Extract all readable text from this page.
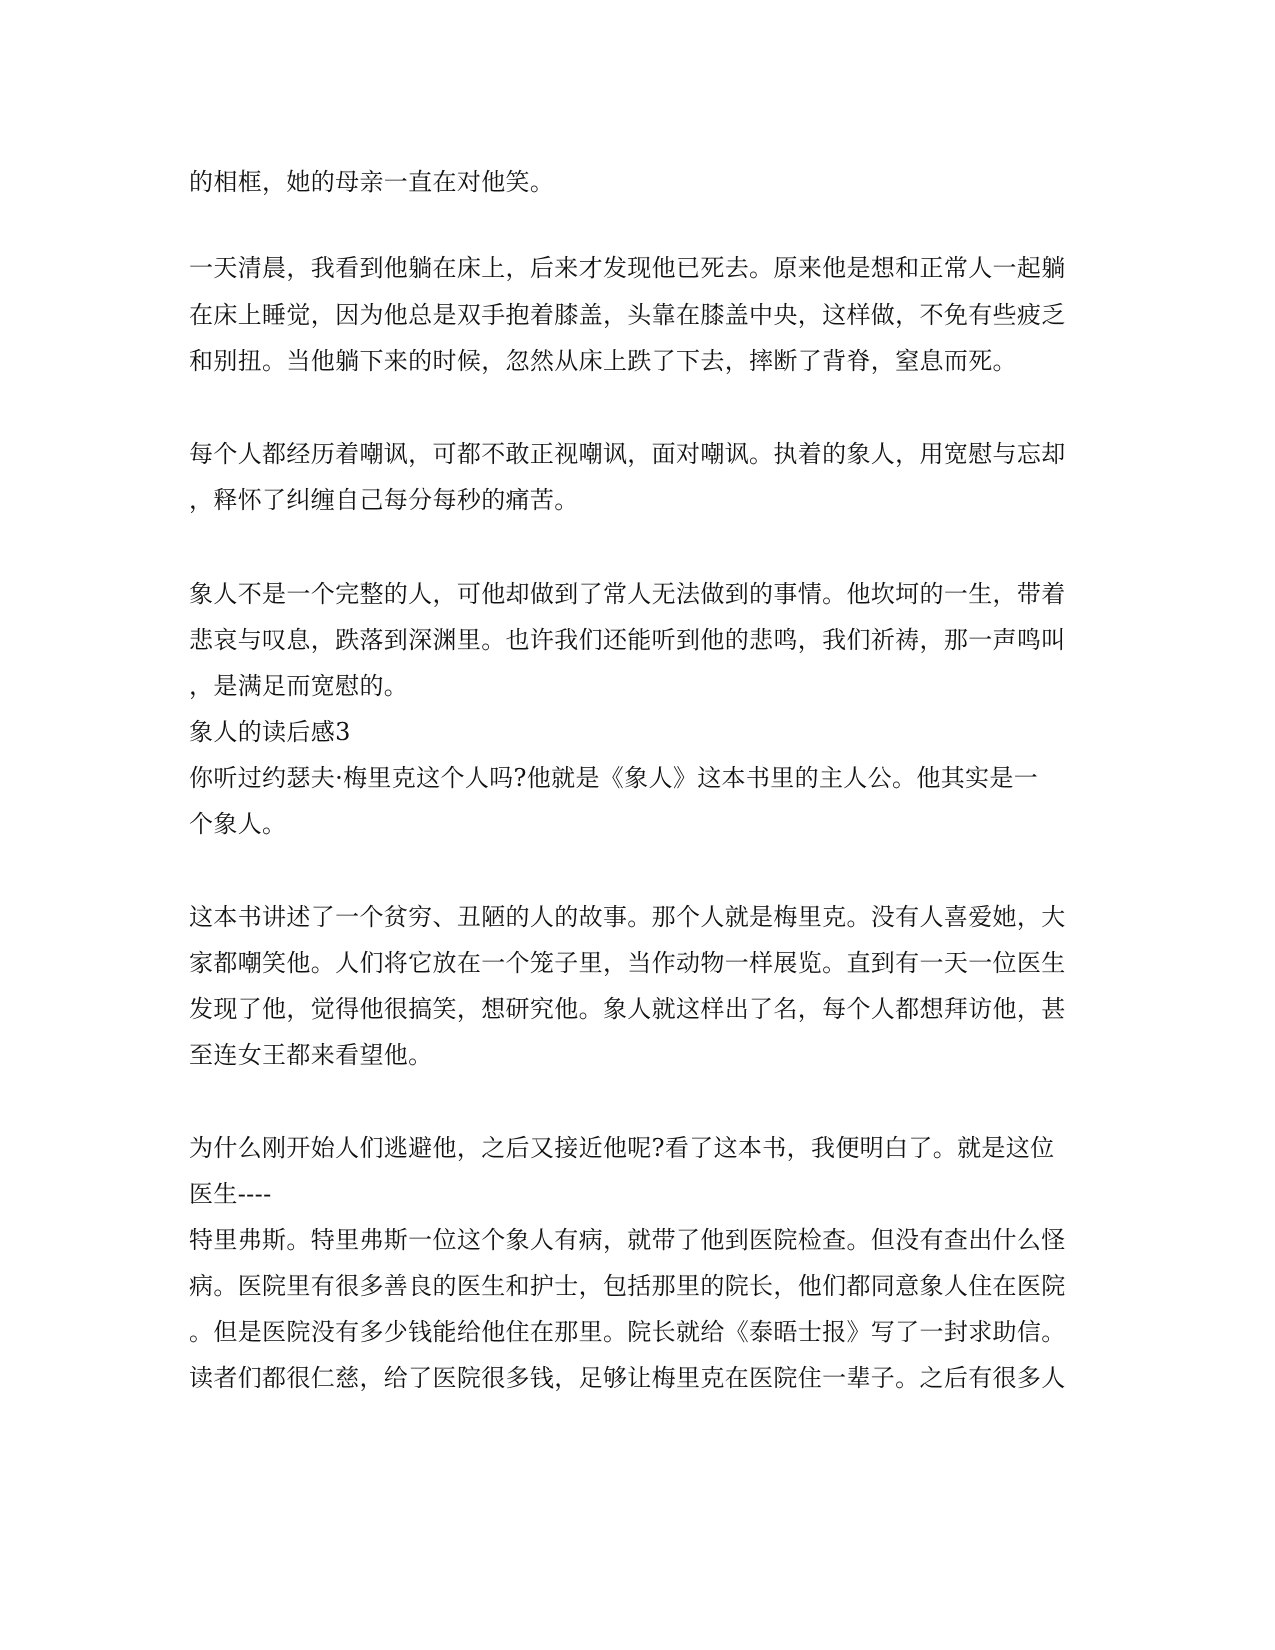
的相框，她的母亲一直在对他笑。
一天清晨，我看到他躺在床上，后来才发现他已死去。原来他是想和正常人一起躺
在床上睡觉，因为他总是双手抱着膝盖，头靠在膝盖中央，这样做，不免有些疲乏
和别扭。当他躺下来的时候，忽然从床上跌了下去，摔断了背脊，窒息而死。
每个人都经历着嘲讽，可都不敢正视嘲讽，面对嘲讽。执着的象人，用宽慰与忘却
，释怀了纠缠自己每分每秒的痛苦。
象人不是一个完整的人，可他却做到了常人无法做到的事情。他坎坷的一生，带着
悲哀与叹息，跌落到深渊里。也许我们还能听到他的悲鸣，我们祈祷，那一声鸣叫
，是满足而宽慰的。
象人的读后感3
你听过约瑟夫·梅里克这个人吗?他就是《象人》这本书里的主人公。他其实是一
个象人。
这本书讲述了一个贫穷、丑陋的人的故事。那个人就是梅里克。没有人喜爱她，大
家都嘲笑他。人们将它放在一个笼子里，当作动物一样展览。直到有一天一位医生
发现了他，觉得他很搞笑，想研究他。象人就这样出了名，每个人都想拜访他，甚
至连女王都来看望他。
为什么刚开始人们逃避他，之后又接近他呢?看了这本书，我便明白了。就是这位
医生----
特里弗斯。特里弗斯一位这个象人有病，就带了他到医院检查。但没有查出什么怪
病。医院里有很多善良的医生和护士，包括那里的院长，他们都同意象人住在医院
。但是医院没有多少钱能给他住在那里。院长就给《泰晤士报》写了一封求助信。
读者们都很仁慈，给了医院很多钱，足够让梅里克在医院住一辈子。之后有很多人
